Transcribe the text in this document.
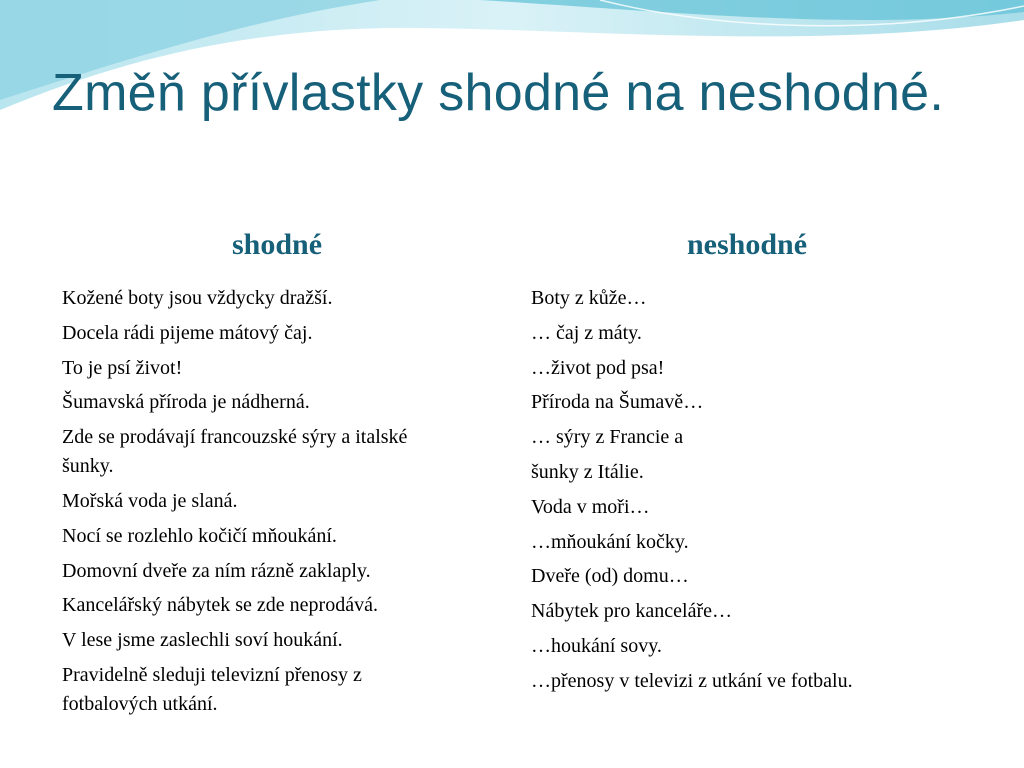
Změň přívlastky shodné na neshodné.
shodné	neshodné
Kožené boty jsou vždycky dražší.
Docela rádi pijeme mátový čaj.
To je psí život!
Šumavská příroda je nádherná.
Zde se prodávají francouzské sýry a italské šunky.
Mořská voda je slaná.
Nocí se rozlehlo kočičí mňoukání.
Domovní dveře za ním rázně zaklaply.
Kancelářský nábytek se zde neprodává.
V lese jsme zaslechli soví houkání.
Pravidelně sleduji televizní přenosy z fotbalových utkání.
Boty z kůže…
… čaj z máty.
…život pod psa!
Příroda na Šumavě…
… sýry z Francie a
šunky z Itálie.
Voda v moři…
…mňoukání kočky.
Dveře (od) domu…
Nábytek pro kanceláře…
…houkání sovy.
…přenosy v televizi z utkání ve fotbalu.
